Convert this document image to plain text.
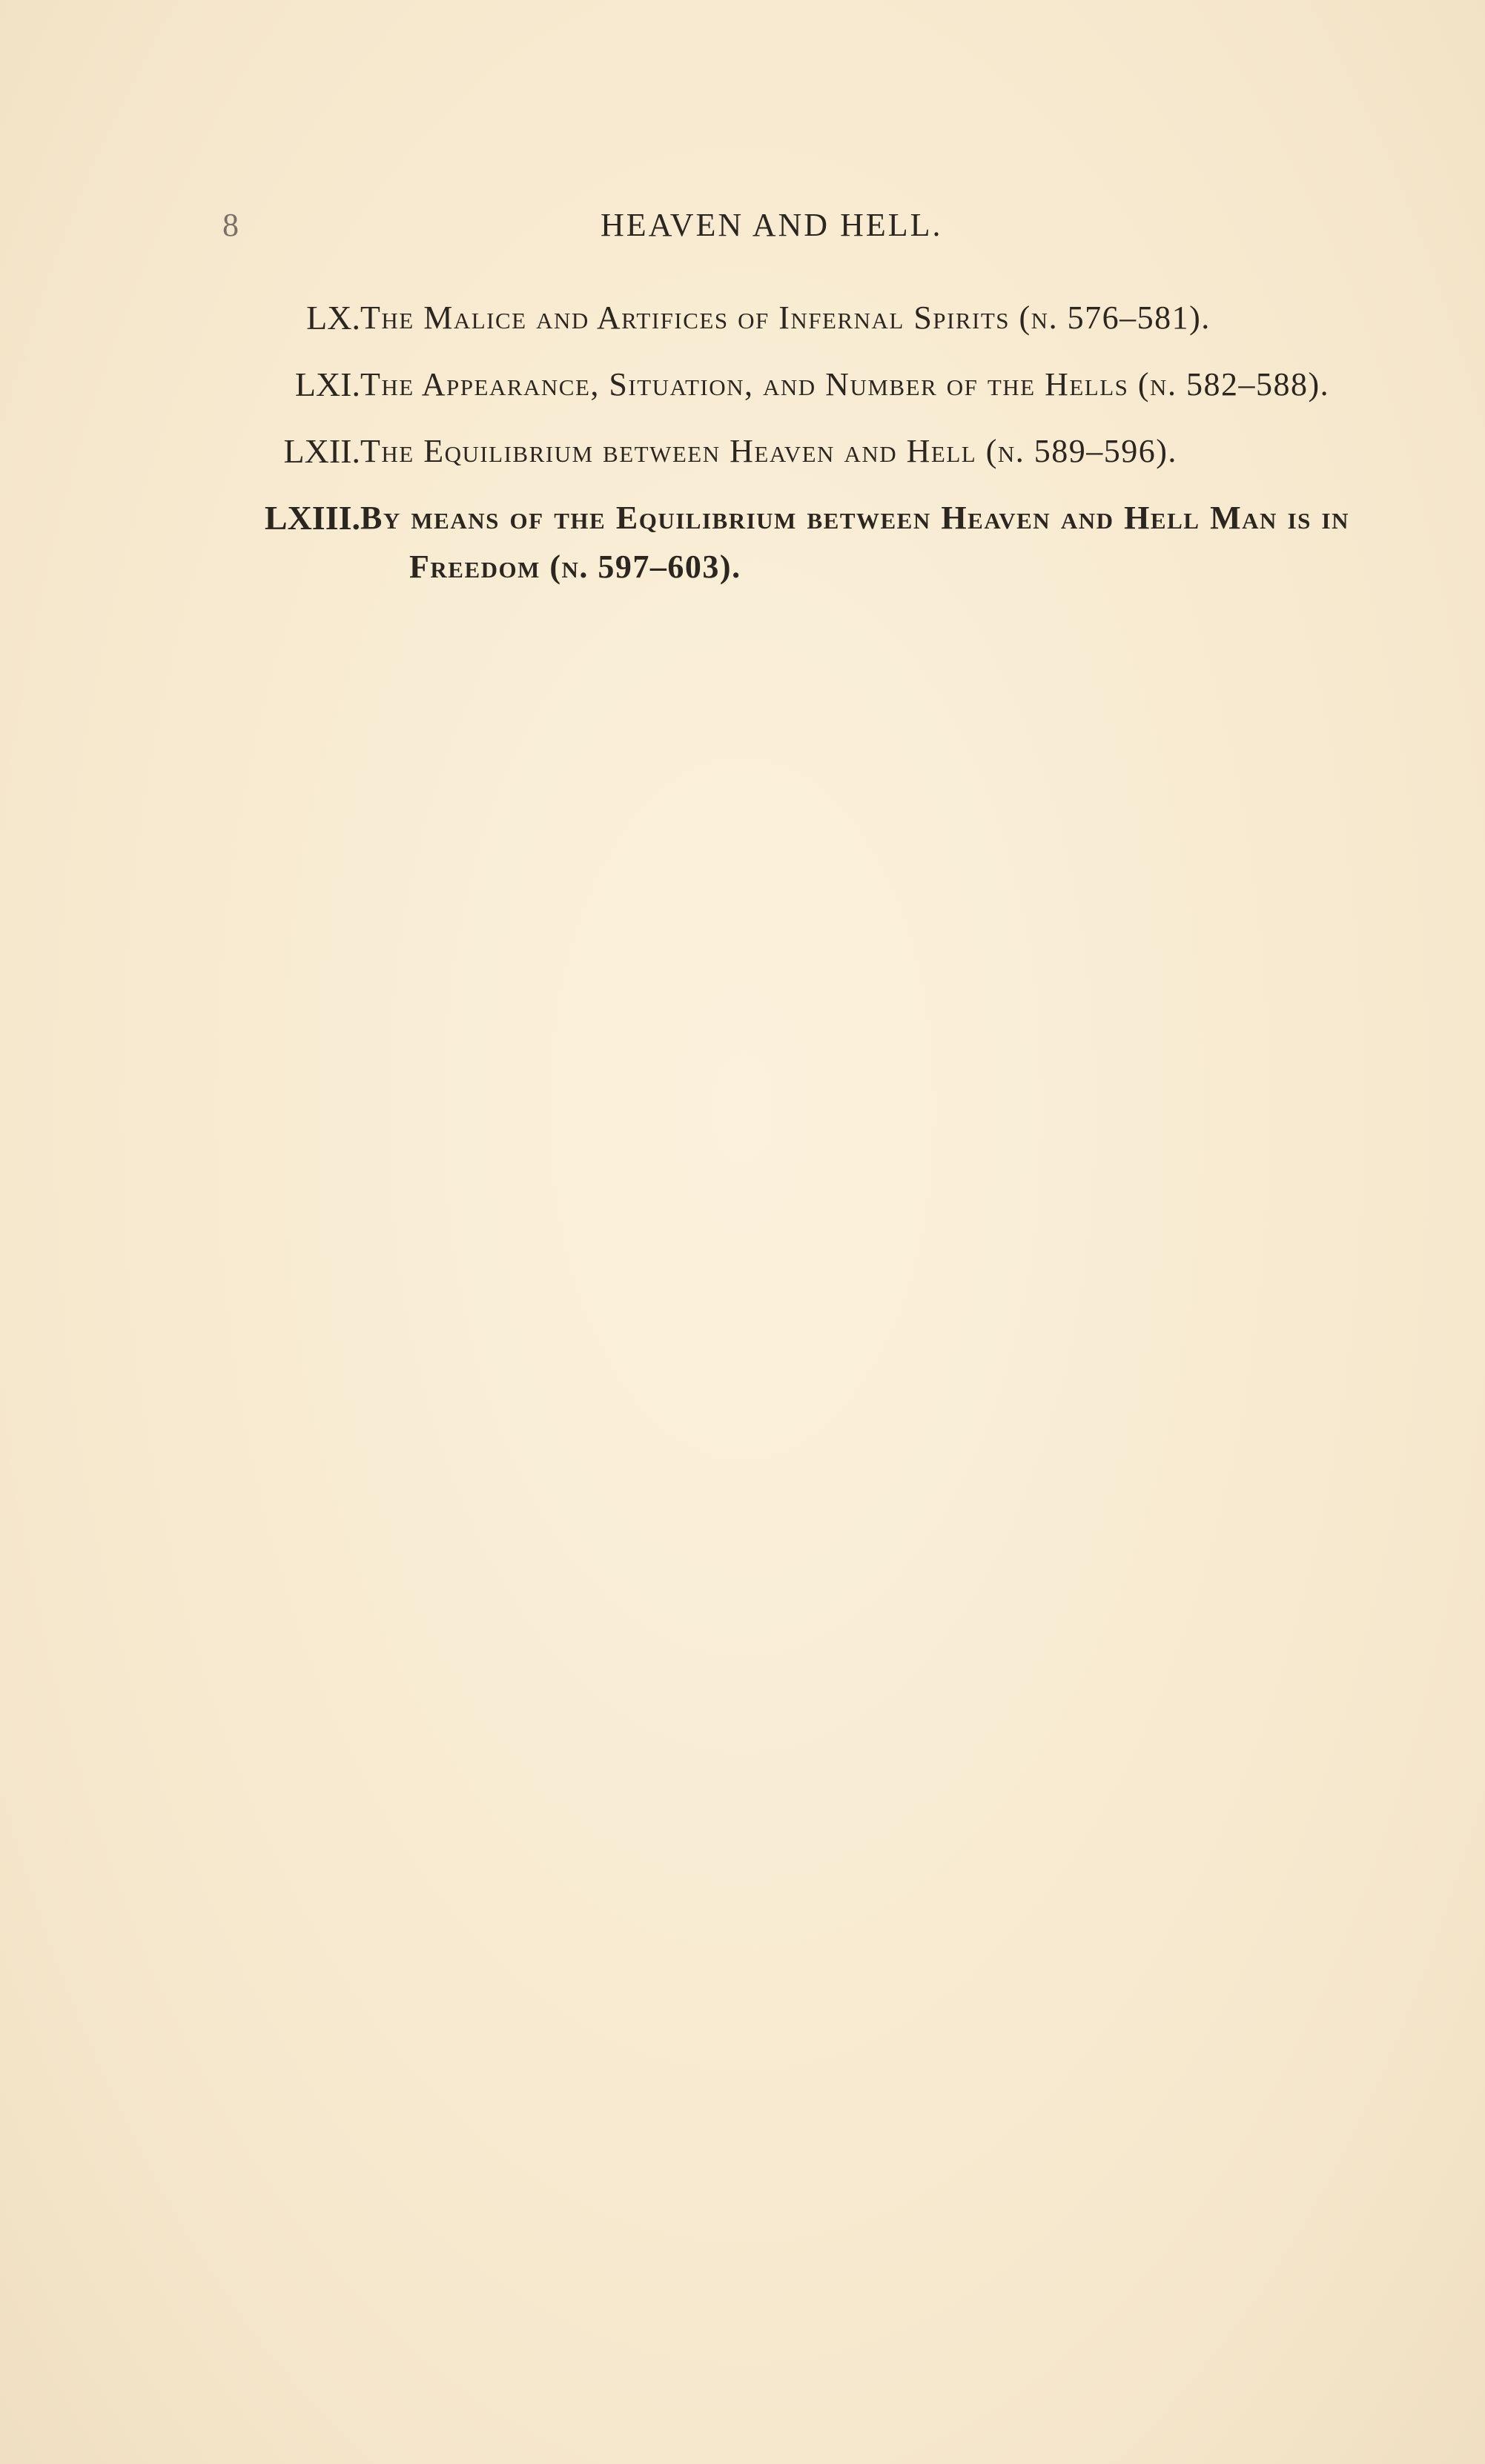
8	HEAVEN AND HELL.
LX. The Malice and Artifices of Infernal Spirits (n. 576–581).
LXI. The Appearance, Situation, and Number of the Hells (n. 582–588).
LXII. The Equilibrium between Heaven and Hell (n. 589–596).
LXIII. By means of the Equilibrium between Heaven and Hell Man is in Freedom (n. 597–603).
